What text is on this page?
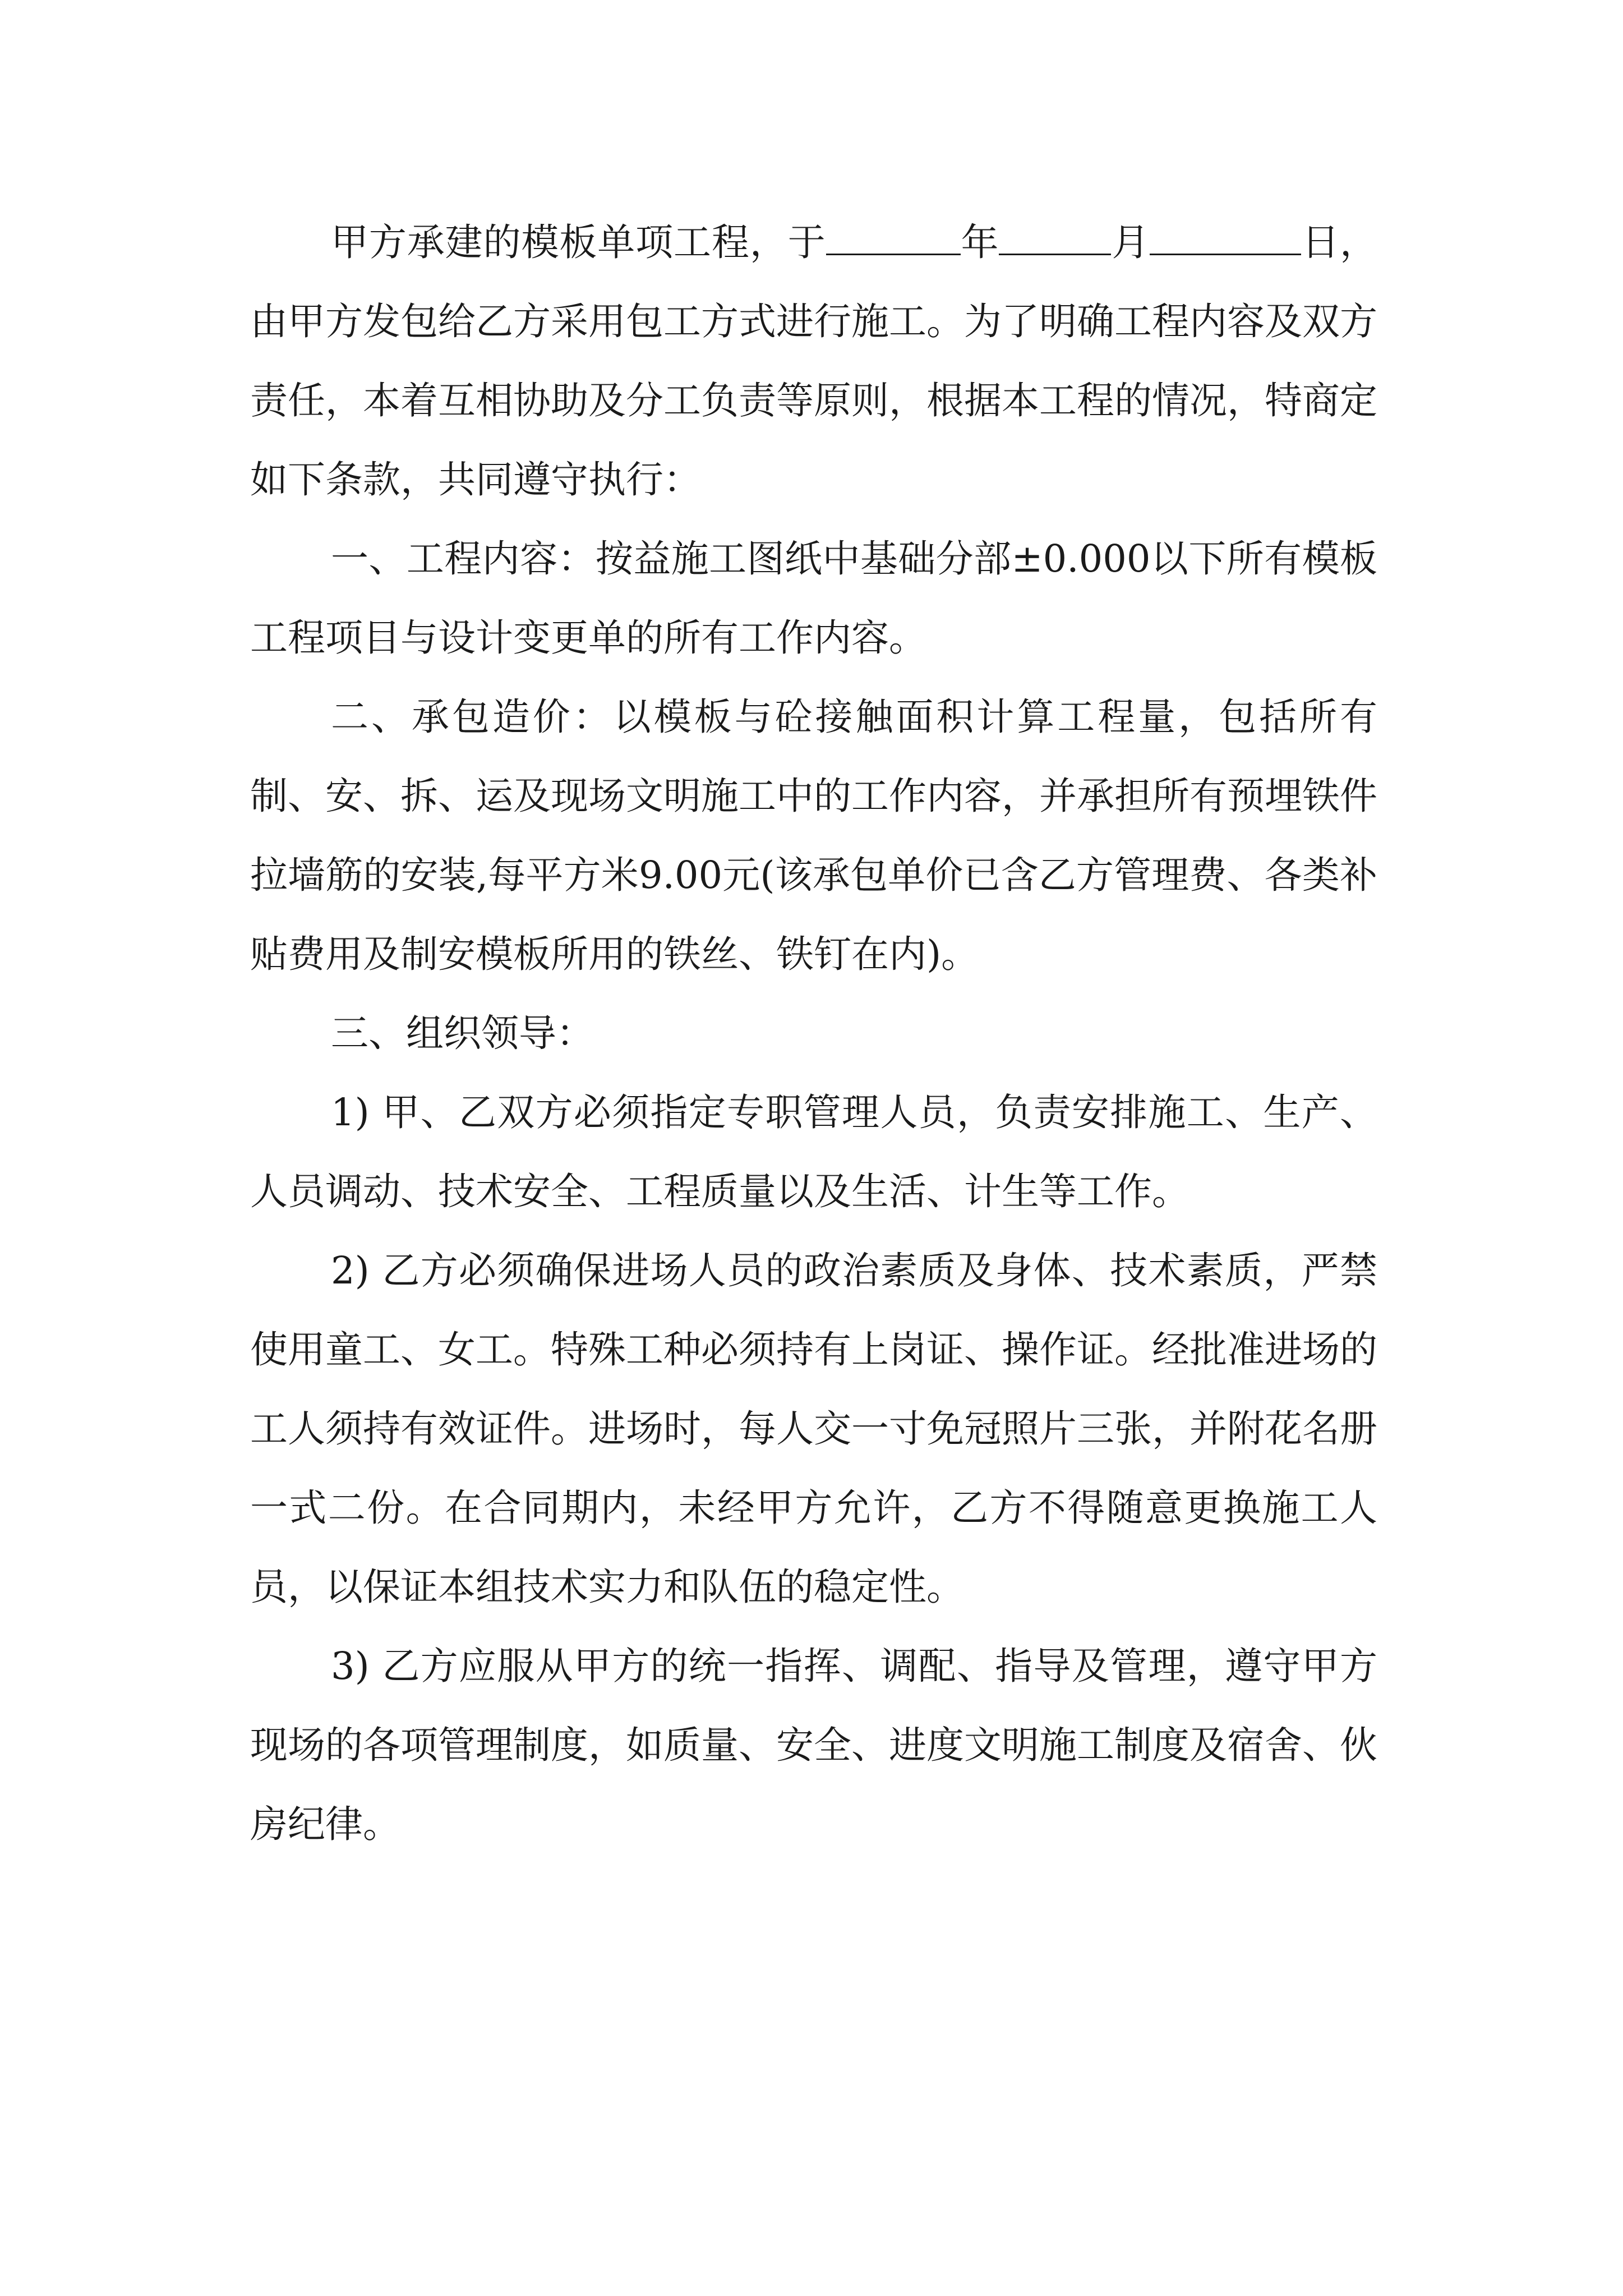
甲方承建的模板单项工程，于	年	月	日，由甲方发包给乙方采用包工方式进行施工。为了明确工程内容及双方责任，本着互相协助及分工负责等原则，根据本工程的情况，特商定如下条款，共同遵守执行：

一、工程内容：按益施工图纸中基础分部±0.000以下所有模板工程项目与设计变更单的所有工作内容。

二、承包造价：以模板与砼接触面积计算工程量，包括所有制、安、拆、运及现场文明施工中的工作内容，并承担所有预埋铁件拉墙筋的安装,每平方米9.00元(该承包单价已含乙方管理费、各类补贴费用及制安模板所用的铁丝、铁钉在内)。

三、组织领导：

1) 甲、乙双方必须指定专职管理人员，负责安排施工、生产、人员调动、技术安全、工程质量以及生活、计生等工作。

2) 乙方必须确保进场人员的政治素质及身体、技术素质，严禁使用童工、女工。特殊工种必须持有上岗证、操作证。经批准进场的工人须持有效证件。进场时，每人交一寸免冠照片三张，并附花名册一式二份。在合同期内，未经甲方允许，乙方不得随意更换施工人员，以保证本组技术实力和队伍的稳定性。

3) 乙方应服从甲方的统一指挥、调配、指导及管理，遵守甲方现场的各项管理制度，如质量、安全、进度文明施工制度及宿舍、伙房纪律。
